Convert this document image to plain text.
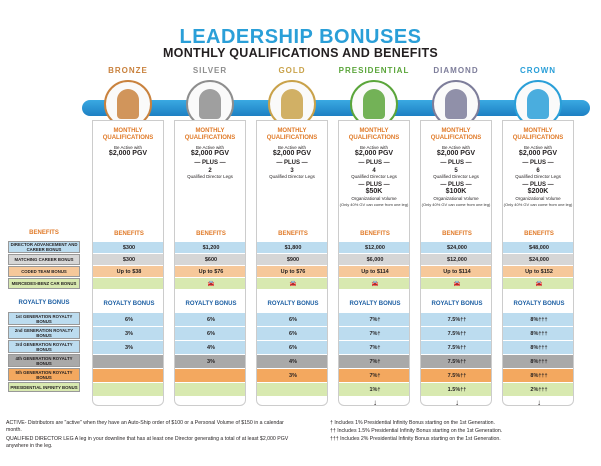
LEADERSHIP BONUSES
MONTHLY QUALIFICATIONS AND BENEFITS
BRONZE
MONTHLY QUALIFICATIONS
Be Active with
$2,000 PGV
BENEFITS
$300
$300
Up to $38
ROYALTY BONUS
6%
3%
3%
SILVER
MONTHLY QUALIFICATIONS
Be Active with
$2,000 PGV
— PLUS —
2
Qualified Director Legs
BENEFITS
$1,200
$600
Up to $76
🚘
ROYALTY BONUS
6%
6%
4%
3%
GOLD
MONTHLY QUALIFICATIONS
Be Active with
$2,000 PGV
— PLUS —
3
Qualified Director Legs
BENEFITS
$1,800
$900
Up to $76
🚘
ROYALTY BONUS
6%
6%
6%
4%
3%
PRESIDENTIAL
MONTHLY QUALIFICATIONS
Be Active with
$2,000 PGV
— PLUS —
4
Qualified Director Legs
— PLUS —
$50K
Organizational Volume
(Only 40% GV can come from one leg)
BENEFITS
$12,000
$6,000
Up to $114
🚘
ROYALTY BONUS
7%†
7%†
7%†
7%†
7%†
1%†
↓
DIAMOND
MONTHLY QUALIFICATIONS
Be Active with
$2,000 PGV
— PLUS —
5
Qualified Director Legs
— PLUS —
$100K
Organizational Volume
(Only 40% GV can come from one leg)
BENEFITS
$24,000
$12,000
Up to $114
🚘
ROYALTY BONUS
7.5%††
7.5%††
7.5%††
7.5%††
7.5%††
1.5%††
↓
CROWN
MONTHLY QUALIFICATIONS
Be Active with
$2,000 PGV
— PLUS —
6
Qualified Director Legs
— PLUS —
$200K
Organizational Volume
(Only 40% GV can come from one leg)
BENEFITS
$48,000
$24,000
Up to $152
🚘
ROYALTY BONUS
8%†††
8%†††
8%†††
8%†††
8%†††
2%†††
↓
BENEFITS
DIRECTOR ADVANCEMENT AND CAREER BONUS
MATCHING CAREER BONUS
CODED TEAM BONUS
MERCEDES-BENZ CAR BONUS
ROYALTY BONUS
1st GENERATION ROYALTY BONUS
2nd GENERATION ROYALTY BONUS
3rd GENERATION ROYALTY BONUS
4th GENERATION ROYALTY BONUS
5th GENERATION ROYALTY BONUS
PRESIDENTIAL INFINITY BONUS
ACTIVE- Distributors are "active" when they have an Auto-Ship order of $100 or a Personal Volume of $150 in a calendar month.
QUALIFIED DIRECTOR LEG A leg in your downline that has at least one Director generating a total of at least $2,000 PGV anywhere in the leg.
† Includes 1% Presidential Infinity Bonus starting on the 1st Generation.
†† Includes 1.5% Presidential Infinity Bonus starting on the 1st Generation.
††† Includes 2% Presidential Infinity Bonus starting on the 1st Generation.
